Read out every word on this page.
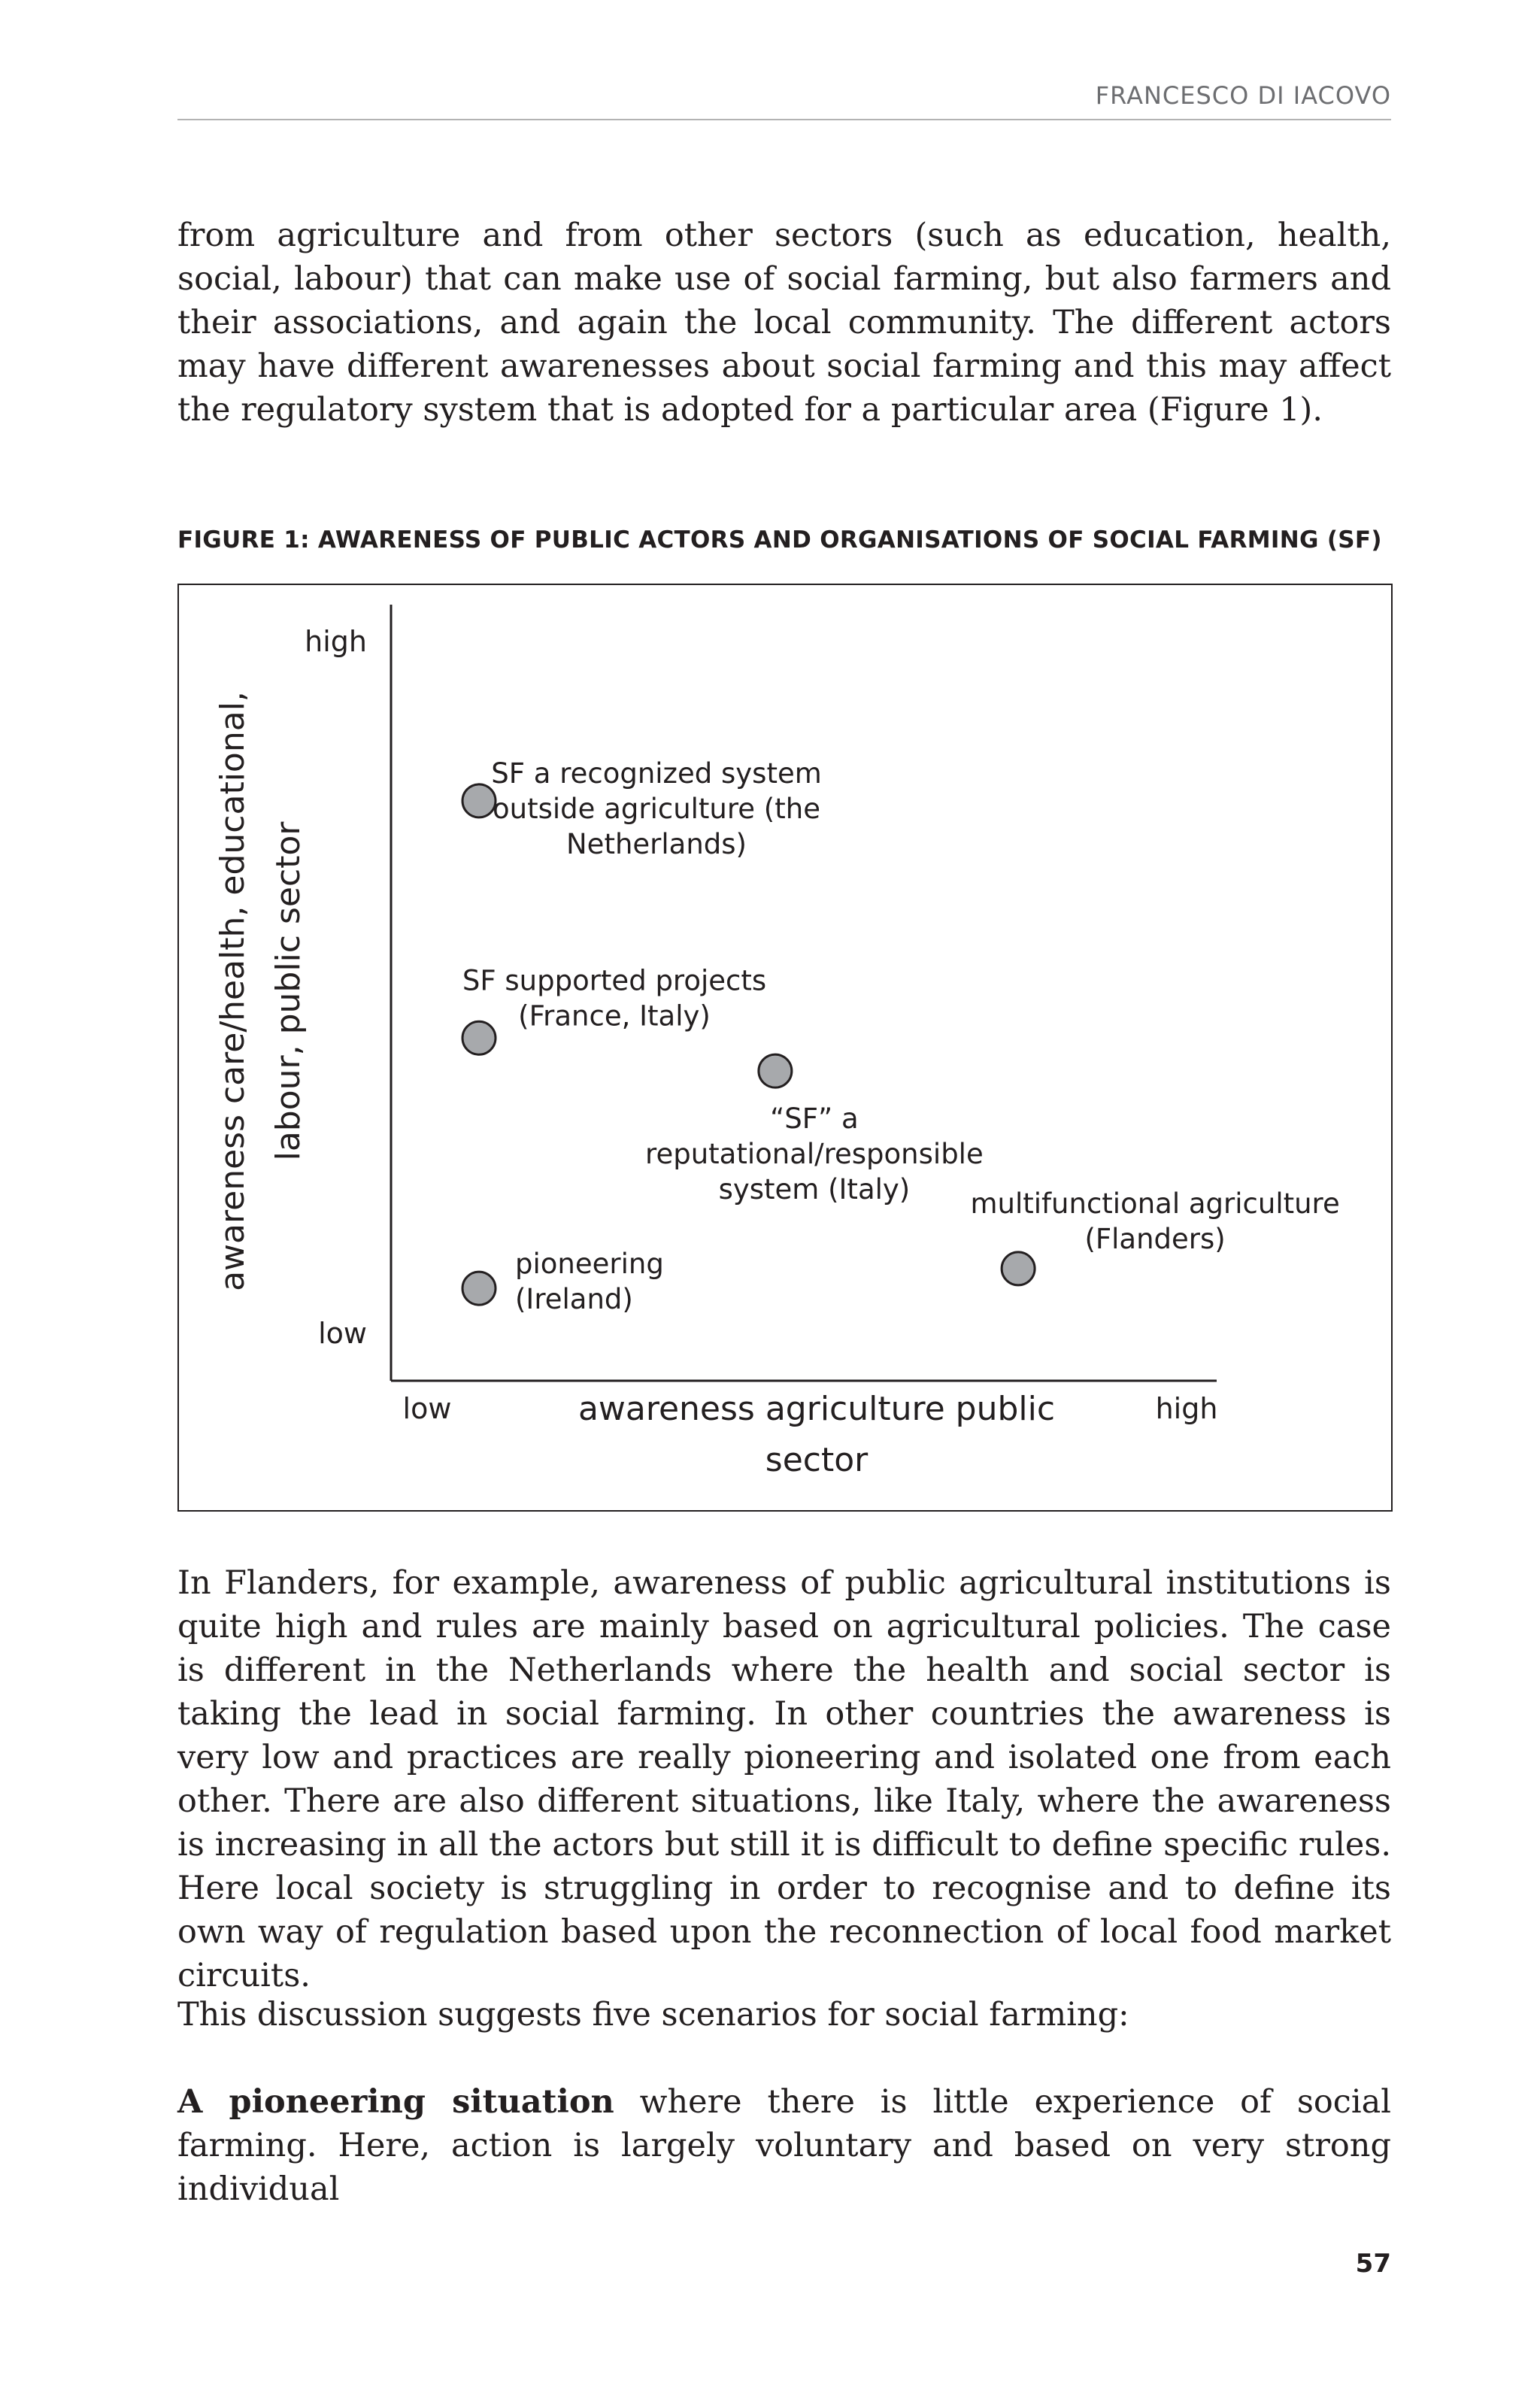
FRANCESCO DI IACOVO

from agriculture and from other sectors (such as education, health, social, labour) that can make use of social farming, but also farmers and their associations, and again the local community. The different actors may have different awarenesses about social farming and this may affect the regulatory system that is adopted for a particular area (Figure 1).

FIGURE 1: AWARENESS OF PUBLIC ACTORS AND ORGANISATIONS OF SOCIAL FARMING (SF)
high
low
low	high
awareness agriculture public
sector
awareness care/health, educational, labour, public sector
SF a recognized system
outside agriculture (the
Netherlands)
SF supported projects
(France, Italy)
“SF” a
reputational/responsible
system (Italy)
pioneering
(Ireland)
multifunctional agriculture
(Flanders)

In Flanders, for example, awareness of public agricultural institutions is quite high and rules are mainly based on agricultural policies. The case is different in the Netherlands where the health and social sector is taking the lead in social farming. In other countries the awareness is very low and practices are really pioneering and isolated one from each other. There are also different situations, like Italy, where the awareness is increasing in all the actors but still it is difficult to define specific rules. Here local society is struggling in order to recognise and to define its own way of regulation based upon the reconnection of local food market circuits.

This discussion suggests five scenarios for social farming:

A pioneering situation where there is little experience of social farming. Here, action is largely voluntary and based on very strong individual

57
